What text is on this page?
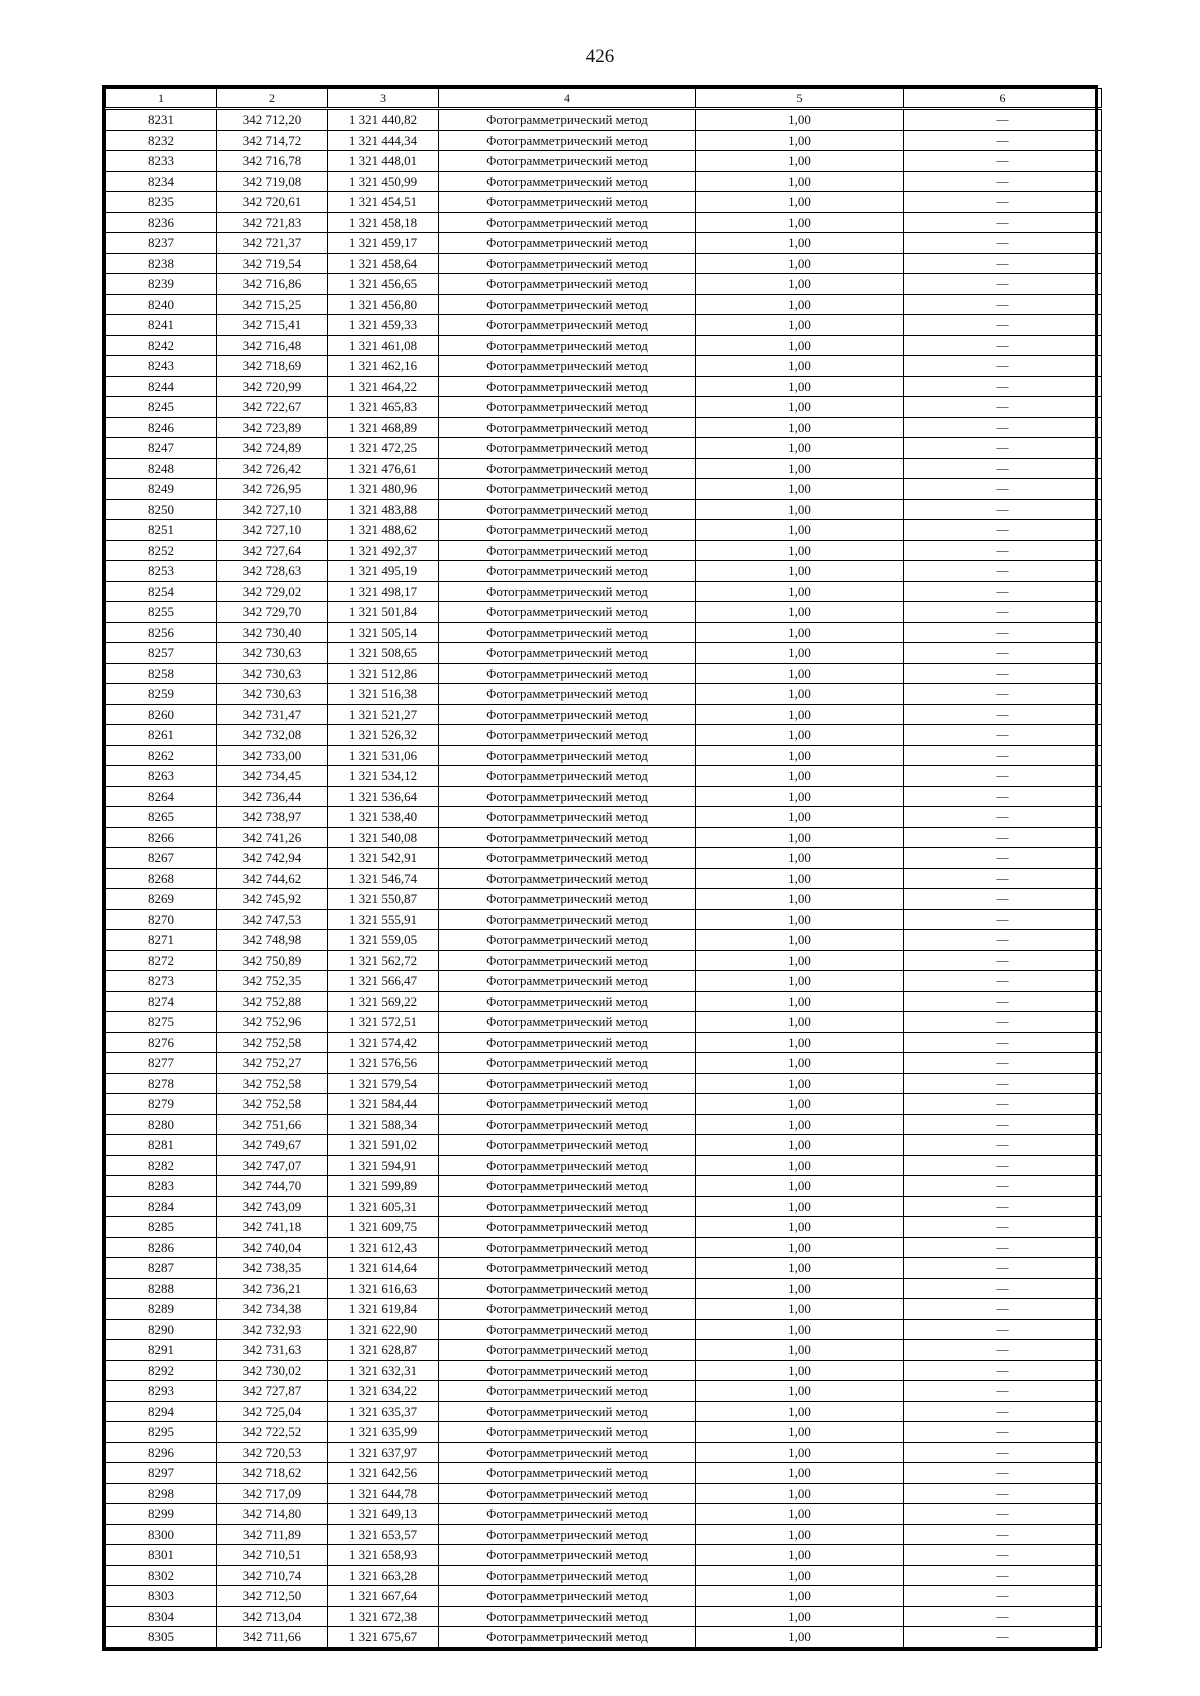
426
1	2	3	4	5	6
8231	342 712,20	1 321 440,82	Фотограмметрический метод	1,00	—
8232	342 714,72	1 321 444,34	Фотограмметрический метод	1,00	—
8233	342 716,78	1 321 448,01	Фотограмметрический метод	1,00	—
8234	342 719,08	1 321 450,99	Фотограмметрический метод	1,00	—
8235	342 720,61	1 321 454,51	Фотограмметрический метод	1,00	—
8236	342 721,83	1 321 458,18	Фотограмметрический метод	1,00	—
8237	342 721,37	1 321 459,17	Фотограмметрический метод	1,00	—
8238	342 719,54	1 321 458,64	Фотограмметрический метод	1,00	—
8239	342 716,86	1 321 456,65	Фотограмметрический метод	1,00	—
8240	342 715,25	1 321 456,80	Фотограмметрический метод	1,00	—
8241	342 715,41	1 321 459,33	Фотограмметрический метод	1,00	—
8242	342 716,48	1 321 461,08	Фотограмметрический метод	1,00	—
8243	342 718,69	1 321 462,16	Фотограмметрический метод	1,00	—
8244	342 720,99	1 321 464,22	Фотограмметрический метод	1,00	—
8245	342 722,67	1 321 465,83	Фотограмметрический метод	1,00	—
8246	342 723,89	1 321 468,89	Фотограмметрический метод	1,00	—
8247	342 724,89	1 321 472,25	Фотограмметрический метод	1,00	—
8248	342 726,42	1 321 476,61	Фотограмметрический метод	1,00	—
8249	342 726,95	1 321 480,96	Фотограмметрический метод	1,00	—
8250	342 727,10	1 321 483,88	Фотограмметрический метод	1,00	—
8251	342 727,10	1 321 488,62	Фотограмметрический метод	1,00	—
8252	342 727,64	1 321 492,37	Фотограмметрический метод	1,00	—
8253	342 728,63	1 321 495,19	Фотограмметрический метод	1,00	—
8254	342 729,02	1 321 498,17	Фотограмметрический метод	1,00	—
8255	342 729,70	1 321 501,84	Фотограмметрический метод	1,00	—
8256	342 730,40	1 321 505,14	Фотограмметрический метод	1,00	—
8257	342 730,63	1 321 508,65	Фотограмметрический метод	1,00	—
8258	342 730,63	1 321 512,86	Фотограмметрический метод	1,00	—
8259	342 730,63	1 321 516,38	Фотограмметрический метод	1,00	—
8260	342 731,47	1 321 521,27	Фотограмметрический метод	1,00	—
8261	342 732,08	1 321 526,32	Фотограмметрический метод	1,00	—
8262	342 733,00	1 321 531,06	Фотограмметрический метод	1,00	—
8263	342 734,45	1 321 534,12	Фотограмметрический метод	1,00	—
8264	342 736,44	1 321 536,64	Фотограмметрический метод	1,00	—
8265	342 738,97	1 321 538,40	Фотограмметрический метод	1,00	—
8266	342 741,26	1 321 540,08	Фотограмметрический метод	1,00	—
8267	342 742,94	1 321 542,91	Фотограмметрический метод	1,00	—
8268	342 744,62	1 321 546,74	Фотограмметрический метод	1,00	—
8269	342 745,92	1 321 550,87	Фотограмметрический метод	1,00	—
8270	342 747,53	1 321 555,91	Фотограмметрический метод	1,00	—
8271	342 748,98	1 321 559,05	Фотограмметрический метод	1,00	—
8272	342 750,89	1 321 562,72	Фотограмметрический метод	1,00	—
8273	342 752,35	1 321 566,47	Фотограмметрический метод	1,00	—
8274	342 752,88	1 321 569,22	Фотограмметрический метод	1,00	—
8275	342 752,96	1 321 572,51	Фотограмметрический метод	1,00	—
8276	342 752,58	1 321 574,42	Фотограмметрический метод	1,00	—
8277	342 752,27	1 321 576,56	Фотограмметрический метод	1,00	—
8278	342 752,58	1 321 579,54	Фотограмметрический метод	1,00	—
8279	342 752,58	1 321 584,44	Фотограмметрический метод	1,00	—
8280	342 751,66	1 321 588,34	Фотограмметрический метод	1,00	—
8281	342 749,67	1 321 591,02	Фотограмметрический метод	1,00	—
8282	342 747,07	1 321 594,91	Фотограмметрический метод	1,00	—
8283	342 744,70	1 321 599,89	Фотограмметрический метод	1,00	—
8284	342 743,09	1 321 605,31	Фотограмметрический метод	1,00	—
8285	342 741,18	1 321 609,75	Фотограмметрический метод	1,00	—
8286	342 740,04	1 321 612,43	Фотограмметрический метод	1,00	—
8287	342 738,35	1 321 614,64	Фотограмметрический метод	1,00	—
8288	342 736,21	1 321 616,63	Фотограмметрический метод	1,00	—
8289	342 734,38	1 321 619,84	Фотограмметрический метод	1,00	—
8290	342 732,93	1 321 622,90	Фотограмметрический метод	1,00	—
8291	342 731,63	1 321 628,87	Фотограмметрический метод	1,00	—
8292	342 730,02	1 321 632,31	Фотограмметрический метод	1,00	—
8293	342 727,87	1 321 634,22	Фотограмметрический метод	1,00	—
8294	342 725,04	1 321 635,37	Фотограмметрический метод	1,00	—
8295	342 722,52	1 321 635,99	Фотограмметрический метод	1,00	—
8296	342 720,53	1 321 637,97	Фотограмметрический метод	1,00	—
8297	342 718,62	1 321 642,56	Фотограмметрический метод	1,00	—
8298	342 717,09	1 321 644,78	Фотограмметрический метод	1,00	—
8299	342 714,80	1 321 649,13	Фотограмметрический метод	1,00	—
8300	342 711,89	1 321 653,57	Фотограмметрический метод	1,00	—
8301	342 710,51	1 321 658,93	Фотограмметрический метод	1,00	—
8302	342 710,74	1 321 663,28	Фотограмметрический метод	1,00	—
8303	342 712,50	1 321 667,64	Фотограмметрический метод	1,00	—
8304	342 713,04	1 321 672,38	Фотограмметрический метод	1,00	—
8305	342 711,66	1 321 675,67	Фотограмметрический метод	1,00	—
